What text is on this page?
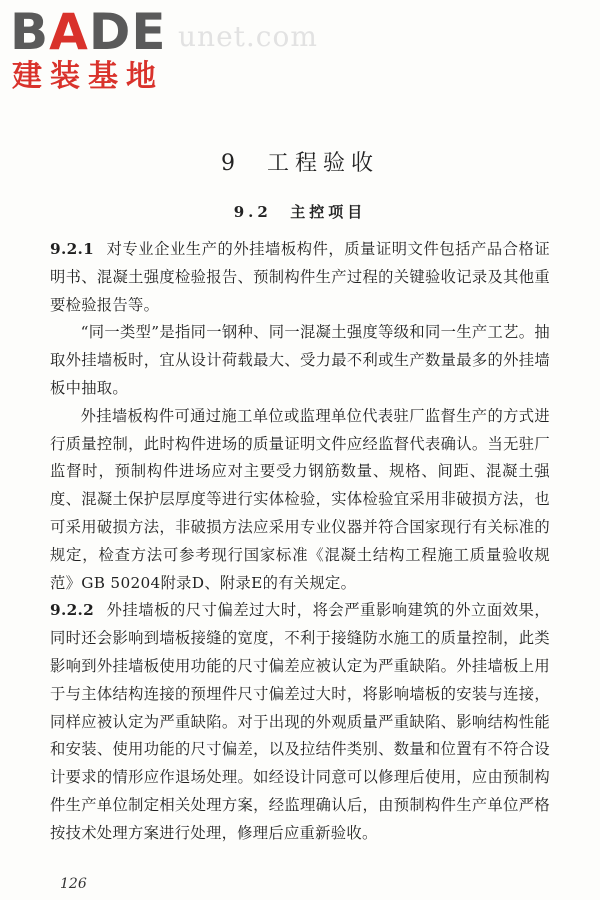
BADE
建装基地
unet.com
9  工程验收
9.2  主控项目

9.2.1 对专业企业生产的外挂墙板构件，质量证明文件包括产品合格证明书、混凝土强度检验报告、预制构件生产过程的关键验收记录及其他重要检验报告等。

“同一类型”是指同一钢种、同一混凝土强度等级和同一生产工艺。抽取外挂墙板时，宜从设计荷载最大、受力最不利或生产数量最多的外挂墙板中抽取。

外挂墙板构件可通过施工单位或监理单位代表驻厂监督生产的方式进行质量控制，此时构件进场的质量证明文件应经监督代表确认。当无驻厂监督时，预制构件进场应对主要受力钢筋数量、规格、间距、混凝土强度、混凝土保护层厚度等进行实体检验，实体检验宜采用非破损方法，也可采用破损方法，非破损方法应采用专业仪器并符合国家现行有关标准的规定，检查方法可参考现行国家标准《混凝土结构工程施工质量验收规范》GB 50204附录D、附录E的有关规定。

9.2.2 外挂墙板的尺寸偏差过大时，将会严重影响建筑的外立面效果，同时还会影响到墙板接缝的宽度，不利于接缝防水施工的质量控制，此类影响到外挂墙板使用功能的尺寸偏差应被认定为严重缺陷。外挂墙板上用于与主体结构连接的预埋件尺寸偏差过大时，将影响墙板的安装与连接，同样应被认定为严重缺陷。对于出现的外观质量严重缺陷、影响结构性能和安装、使用功能的尺寸偏差，以及拉结件类别、数量和位置有不符合设计要求的情形应作退场处理。如经设计同意可以修理后使用，应由预制构件生产单位制定相关处理方案，经监理确认后，由预制构件生产单位严格按技术处理方案进行处理，修理后应重新验收。

126
